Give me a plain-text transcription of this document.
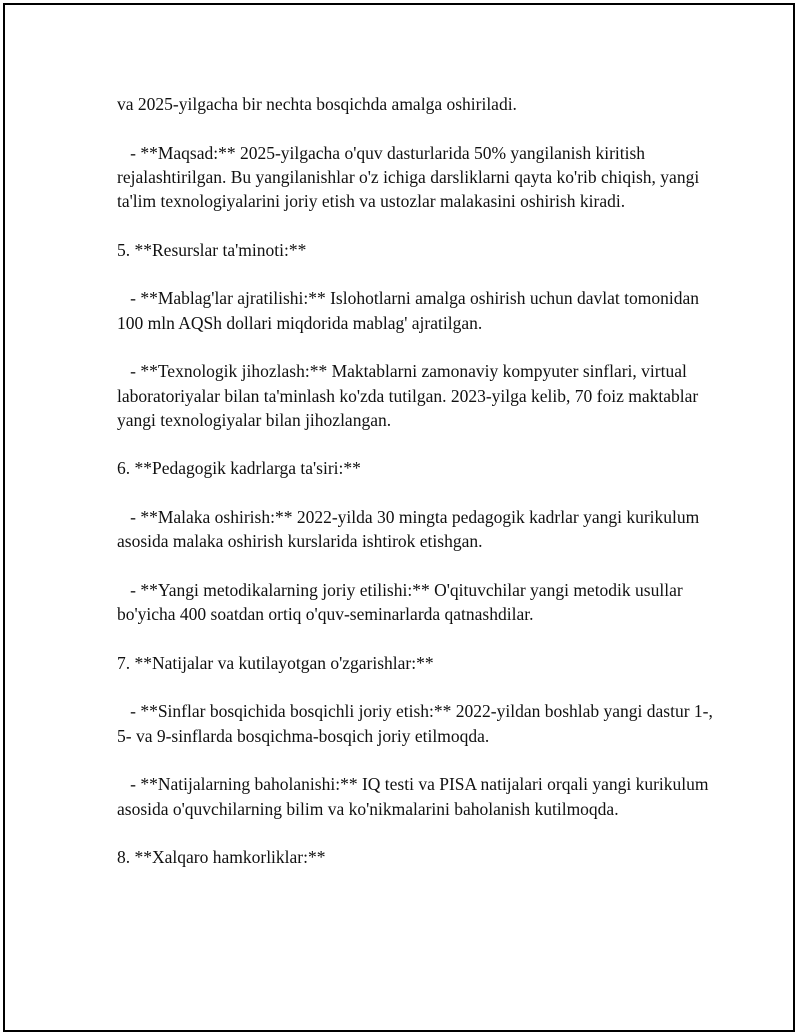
va 2025-yilgacha bir nechta bosqichda amalga oshiriladi.

- **Maqsad:** 2025-yilgacha o'quv dasturlarida 50% yangilanish kiritish rejalashtirilgan. Bu yangilanishlar o'z ichiga darsliklarni qayta ko'rib chiqish, yangi ta'lim texnologiyalarini joriy etish va ustozlar malakasini oshirish kiradi.

5. **Resurslar ta'minoti:**

- **Mablag'lar ajratilishi:** Islohotlarni amalga oshirish uchun davlat tomonidan 100 mln AQSh dollari miqdorida mablag' ajratilgan.

- **Texnologik jihozlash:** Maktablarni zamonaviy kompyuter sinflari, virtual laboratoriyalar bilan ta'minlash ko'zda tutilgan. 2023-yilga kelib, 70 foiz maktablar yangi texnologiyalar bilan jihozlangan.

6. **Pedagogik kadrlarga ta'siri:**

- **Malaka oshirish:** 2022-yilda 30 mingta pedagogik kadrlar yangi kurikulum asosida malaka oshirish kurslarida ishtirok etishgan.

- **Yangi metodikalarning joriy etilishi:** O'qituvchilar yangi metodik usullar bo'yicha 400 soatdan ortiq o'quv-seminarlarda qatnashdilar.

7. **Natijalar va kutilayotgan o'zgarishlar:**

- **Sinflar bosqichida bosqichli joriy etish:** 2022-yildan boshlab yangi dastur 1-, 5- va 9-sinflarda bosqichma-bosqich joriy etilmoqda.

- **Natijalarning baholanishi:** IQ testi va PISA natijalari orqali yangi kurikulum asosida o'quvchilarning bilim va ko'nikmalarini baholanish kutilmoqda.

8. **Xalqaro hamkorliklar:**
